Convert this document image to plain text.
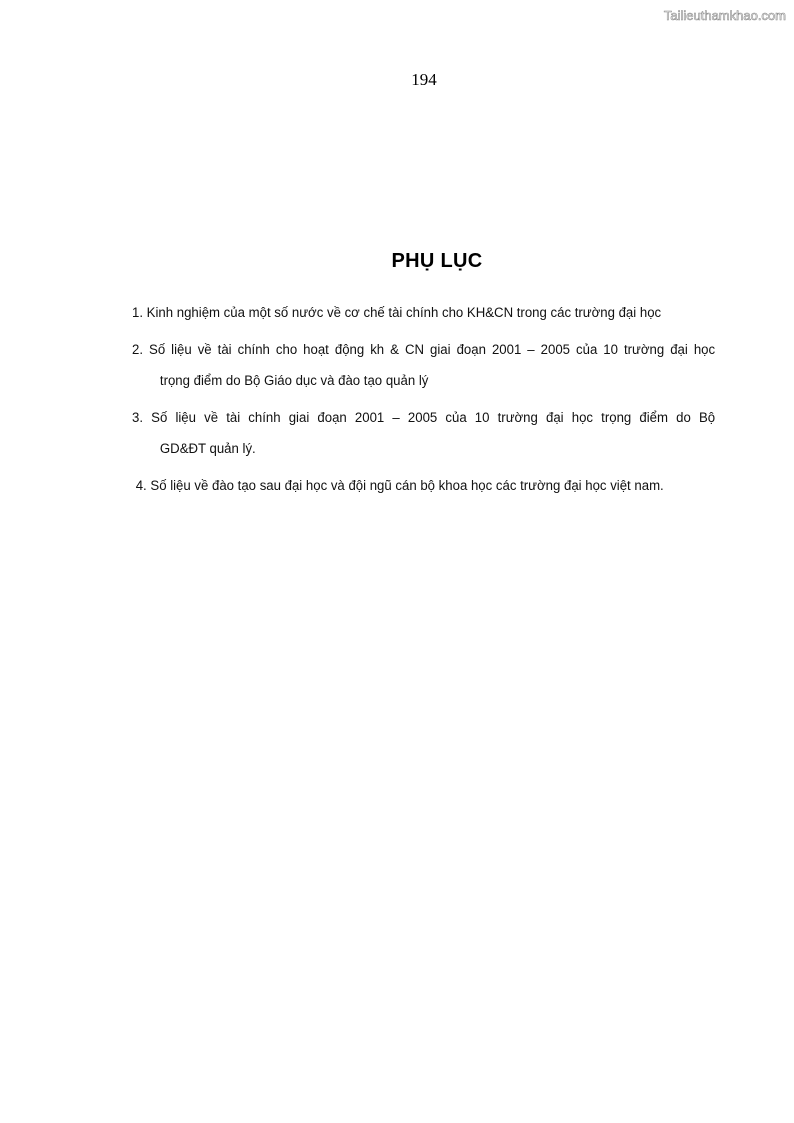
Tailieuthamkhao.com
194
PHỤ LỤC
1. Kinh nghiệm của một số nước về cơ chế tài chính cho KH&CN trong các trường đại học
2. Số liệu về tài chính cho hoạt động kh & CN giai đoạn 2001 – 2005 của 10 trường đại học
trọng điểm do Bộ Giáo dục và đào tạo quản lý
3. Số liệu về tài chính giai đoạn 2001 – 2005 của 10 trường đại học trọng điểm do Bộ
GD&ĐT quản lý.
4. Số liệu về đào tạo sau đại học và đội ngũ cán bộ khoa học các trường đại học việt nam.
